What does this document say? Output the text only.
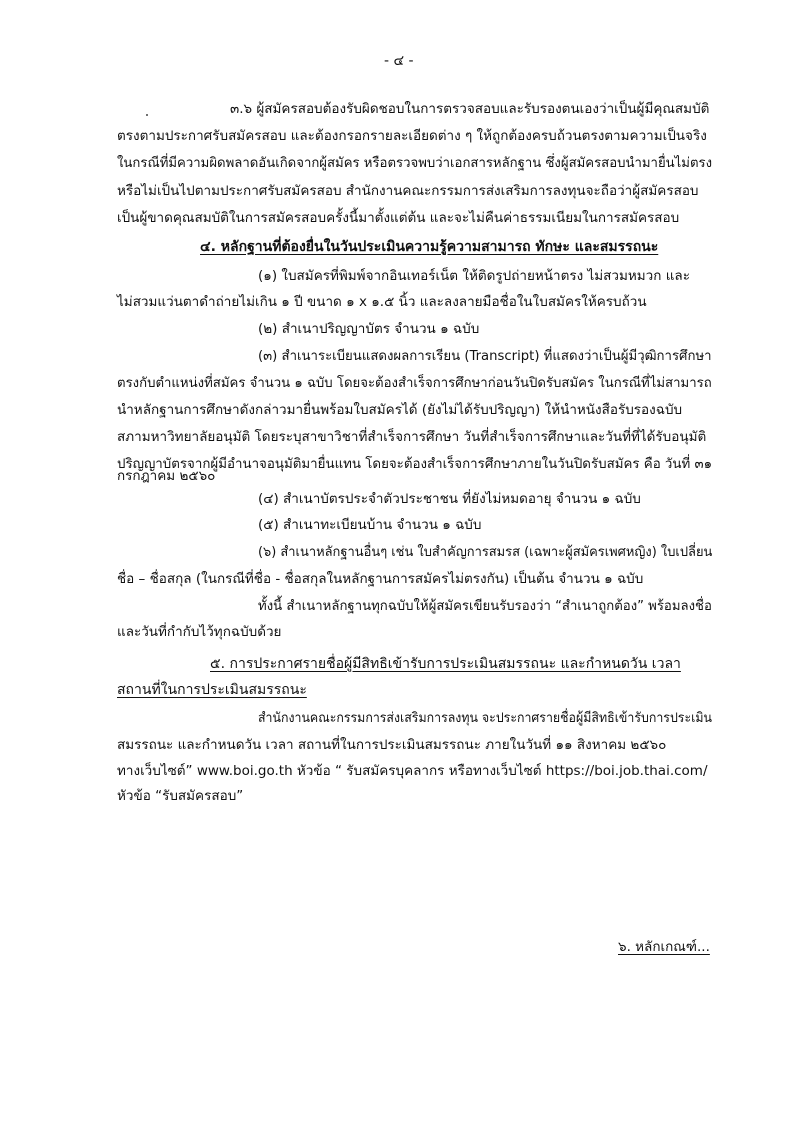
- ๔ -
๓.๖ ผู้สมัครสอบต้องรับผิดชอบในการตรวจสอบและรับรองตนเองว่าเป็นผู้มีคุณสมบัติ
ตรงตามประกาศรับสมัครสอบ และต้องกรอกรายละเอียดต่าง ๆ ให้ถูกต้องครบถ้วนตรงตามความเป็นจริง
ในกรณีที่มีความผิดพลาดอันเกิดจากผู้สมัคร หรือตรวจพบว่าเอกสารหลักฐาน ซึ่งผู้สมัครสอบนำมายื่นไม่ตรง
หรือไม่เป็นไปตามประกาศรับสมัครสอบ สำนักงานคณะกรรมการส่งเสริมการลงทุนจะถือว่าผู้สมัครสอบ
เป็นผู้ขาดคุณสมบัติในการสมัครสอบครั้งนี้มาตั้งแต่ต้น และจะไม่คืนค่าธรรมเนียมในการสมัครสอบ
๔. หลักฐานที่ต้องยื่นในวันประเมินความรู้ความสามารถ ทักษะ และสมรรถนะ
(๑) ใบสมัครที่พิมพ์จากอินเทอร์เน็ต ให้ติดรูปถ่ายหน้าตรง ไม่สวมหมวก และ
ไม่สวมแว่นตาดำถ่ายไม่เกิน ๑ ปี ขนาด ๑ x ๑.๕ นิ้ว และลงลายมือชื่อในใบสมัครให้ครบถ้วน
(๒) สำเนาปริญญาบัตร จำนวน ๑ ฉบับ
(๓) สำเนาระเบียนแสดงผลการเรียน (Transcript) ที่แสดงว่าเป็นผู้มีวุฒิการศึกษา
ตรงกับตำแหน่งที่สมัคร จำนวน ๑ ฉบับ โดยจะต้องสำเร็จการศึกษาก่อนวันปิดรับสมัคร ในกรณีที่ไม่สามารถ
นำหลักฐานการศึกษาดังกล่าวมายื่นพร้อมใบสมัครได้ (ยังไม่ได้รับปริญญา) ให้นำหนังสือรับรองฉบับ
สภามหาวิทยาลัยอนุมัติ โดยระบุสาขาวิชาที่สำเร็จการศึกษา วันที่สำเร็จการศึกษาและวันที่ที่ได้รับอนุมัติ
ปริญญาบัตรจากผู้มีอำนาจอนุมัติมายื่นแทน โดยจะต้องสำเร็จการศึกษาภายในวันปิดรับสมัคร คือ วันที่ ๓๑
กรกฎาคม ๒๕๖๐
(๔) สำเนาบัตรประจำตัวประชาชน ที่ยังไม่หมดอายุ จำนวน ๑ ฉบับ
(๕) สำเนาทะเบียนบ้าน จำนวน ๑ ฉบับ
(๖) สำเนาหลักฐานอื่นๆ เช่น ใบสำคัญการสมรส (เฉพาะผู้สมัครเพศหญิง) ใบเปลี่ยน
ชื่อ – ชื่อสกุล (ในกรณีที่ชื่อ - ชื่อสกุลในหลักฐานการสมัครไม่ตรงกัน) เป็นต้น จำนวน ๑ ฉบับ
ทั้งนี้ สำเนาหลักฐานทุกฉบับให้ผู้สมัครเขียนรับรองว่า “สำเนาถูกต้อง” พร้อมลงชื่อ
และวันที่กำกับไว้ทุกฉบับด้วย
๕. การประกาศรายชื่อผู้มีสิทธิเข้ารับการประเมินสมรรถนะ และกำหนดวัน เวลา
สถานที่ในการประเมินสมรรถนะ
สำนักงานคณะกรรมการส่งเสริมการลงทุน จะประกาศรายชื่อผู้มีสิทธิเข้ารับการประเมิน
สมรรถนะ และกำหนดวัน เวลา สถานที่ในการประเมินสมรรถนะ ภายในวันที่ ๑๑ สิงหาคม ๒๕๖๐
ทางเว็บไซต์” www.boi.go.th หัวข้อ “ รับสมัครบุคลากร หรือทางเว็บไซต์ https://boi.job.thai.com/
หัวข้อ “รับสมัครสอบ”
๖. หลักเกณฑ์...
